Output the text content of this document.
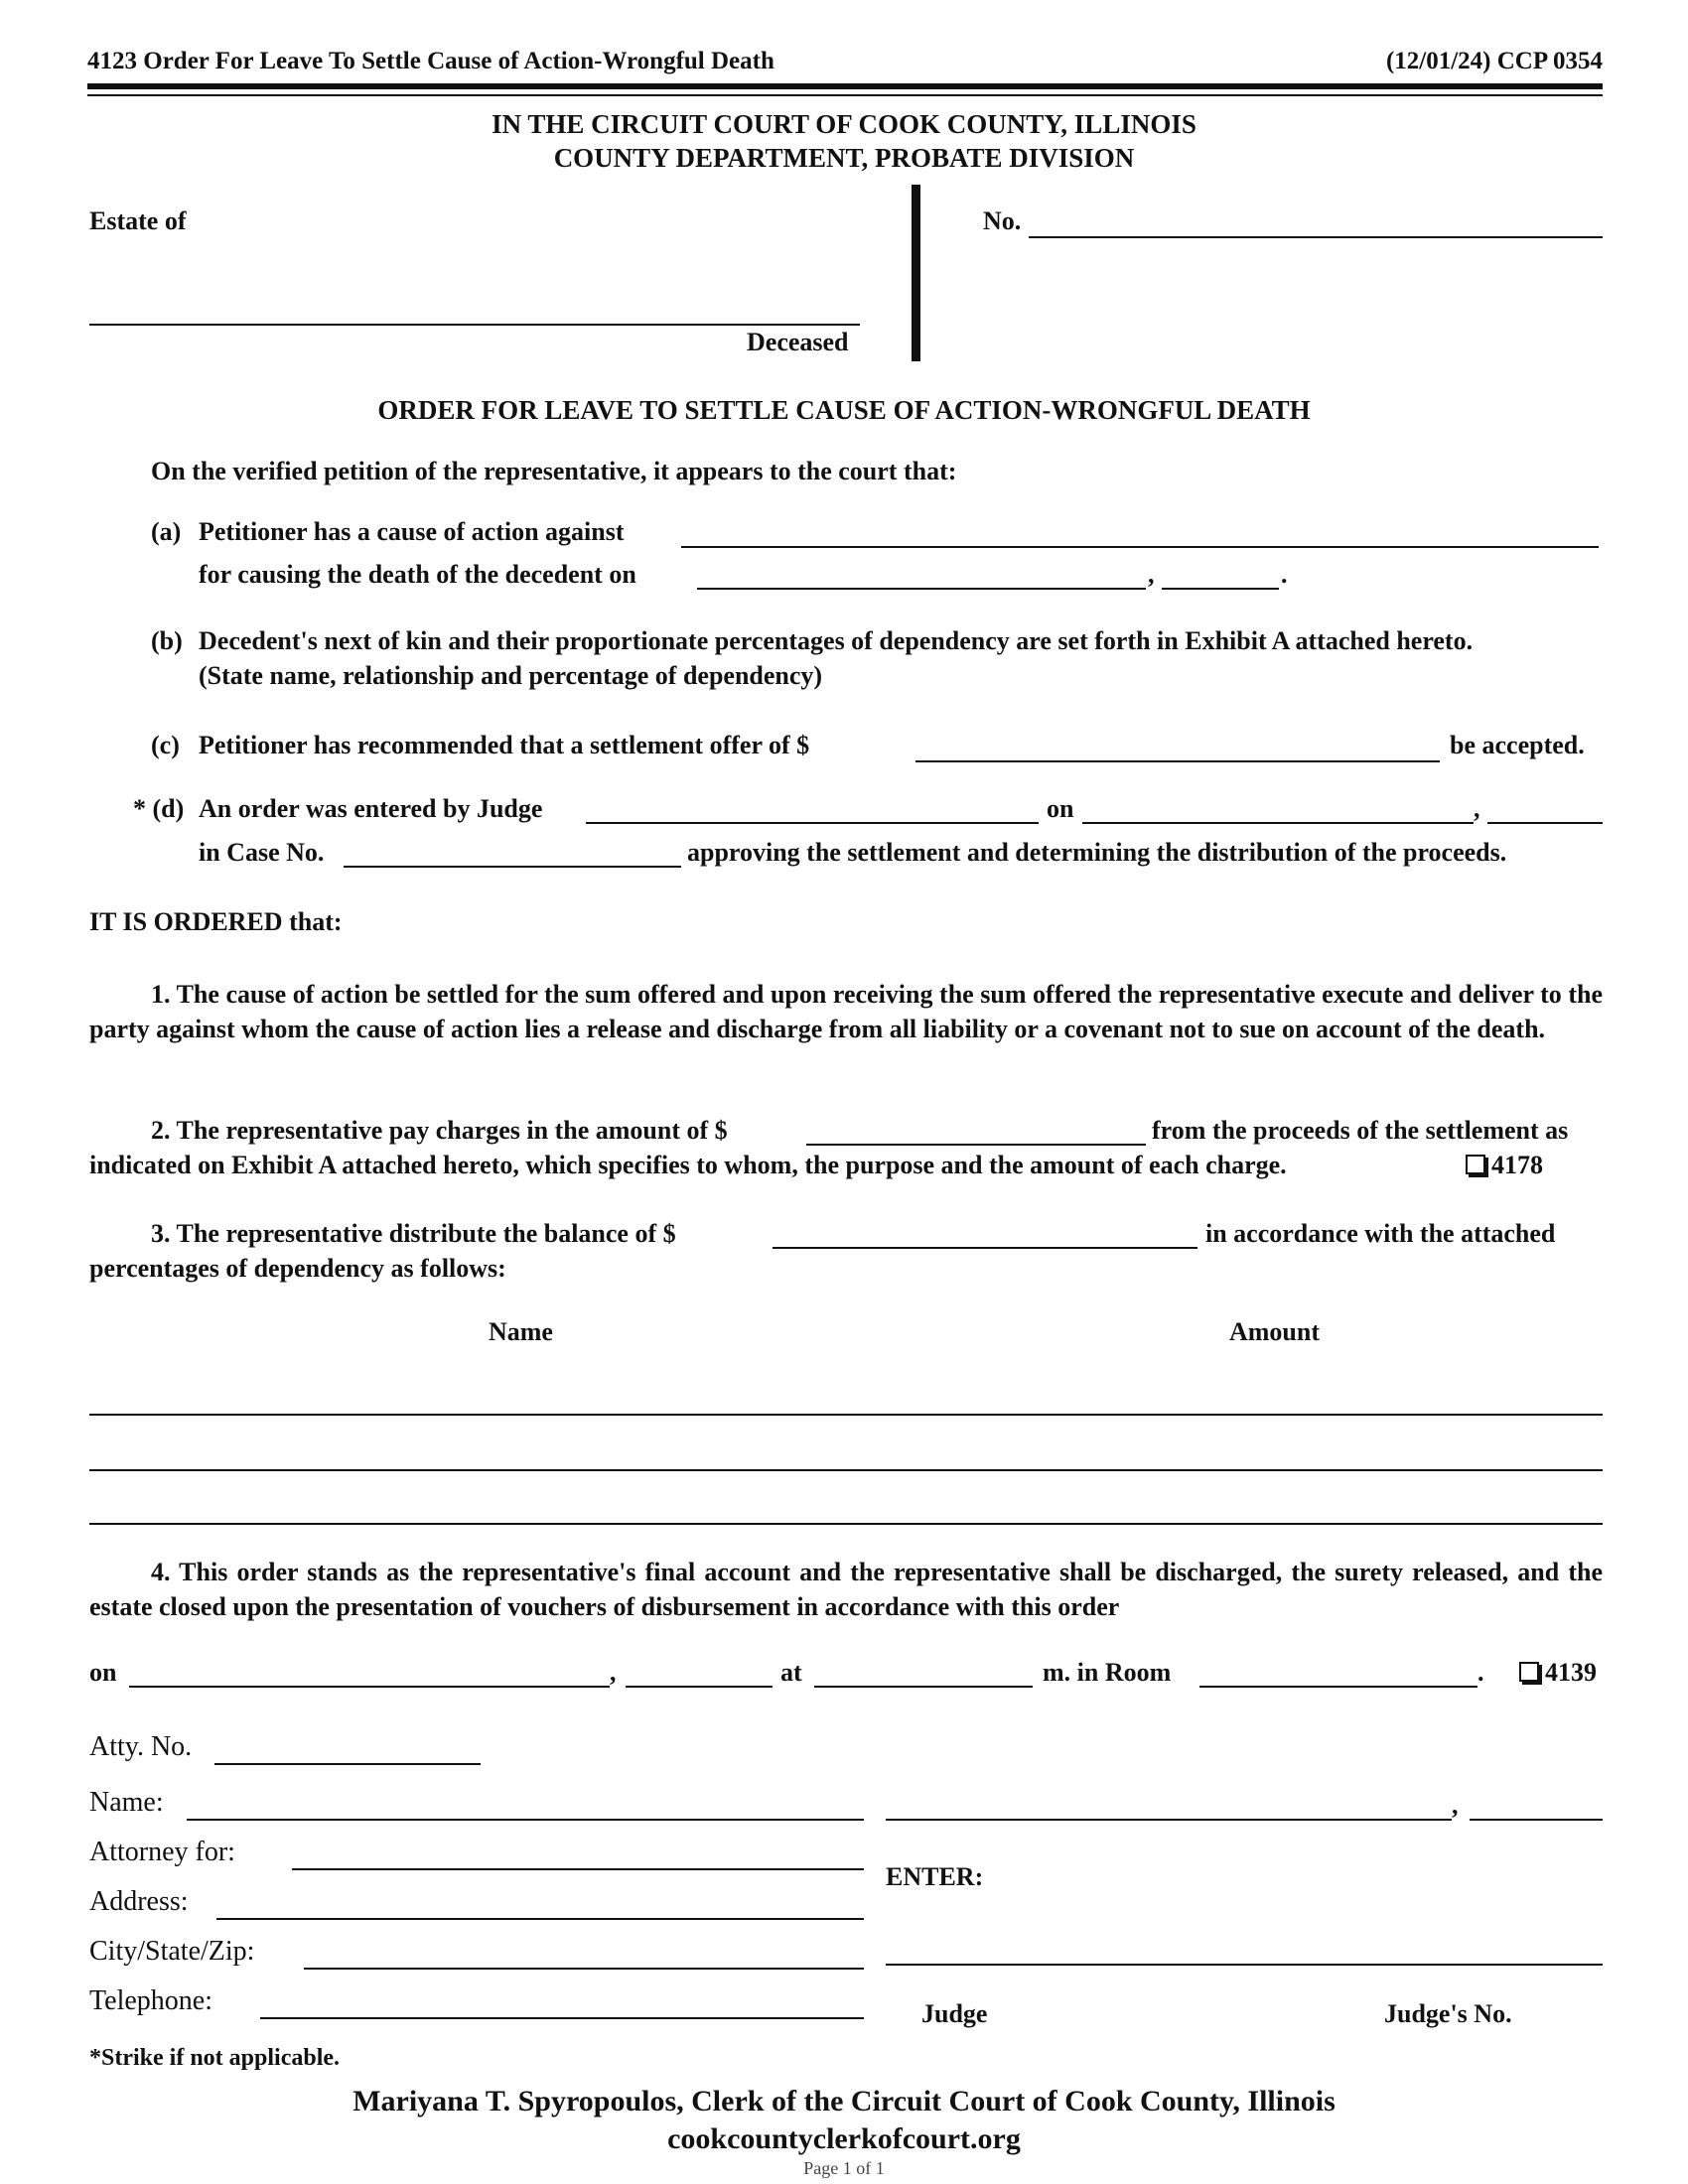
4123 Order For Leave To Settle Cause of Action-Wrongful Death	(12/01/24) CCP 0354
IN THE CIRCUIT COURT OF COOK COUNTY, ILLINOIS
COUNTY DEPARTMENT, PROBATE DIVISION
Estate of
Deceased
No.
ORDER FOR LEAVE TO SETTLE CAUSE OF ACTION-WRONGFUL DEATH
On the verified petition of the representative, it appears to the court that:
(a) Petitioner has a cause of action against
for causing the death of the decedent on	,	.
(b) Decedent's next of kin and their proportionate percentages of dependency are set forth in Exhibit A attached hereto.
(State name, relationship and percentage of dependency)
(c) Petitioner has recommended that a settlement offer of $	be accepted.
* (d) An order was entered by Judge	on	,
in Case No.	approving the settlement and determining the distribution of the proceeds.
IT IS ORDERED that:
1. The cause of action be settled for the sum offered and upon receiving the sum offered the representative execute and deliver to the party against whom the cause of action lies a release and discharge from all liability or a covenant not to sue on account of the death.
2. The representative pay charges in the amount of $	from the proceeds of the settlement as
indicated on Exhibit A attached hereto, which specifies to whom, the purpose and the amount of each charge.	4178
3. The representative distribute the balance of $	in accordance with the attached
percentages of dependency as follows:
Name	Amount
4. This order stands as the representative's final account and the representative shall be discharged, the surety released, and the estate closed upon the presentation of vouchers of disbursement in accordance with this order
on	,	at	m. in Room	.	4139
Atty. No.
Name:
Attorney for:
Address:
City/State/Zip:
Telephone:
,
ENTER:
Judge	Judge's No.
*Strike if not applicable.
Mariyana T. Spyropoulos, Clerk of the Circuit Court of Cook County, Illinois
cookcountyclerkofcourt.org
Page 1 of 1
